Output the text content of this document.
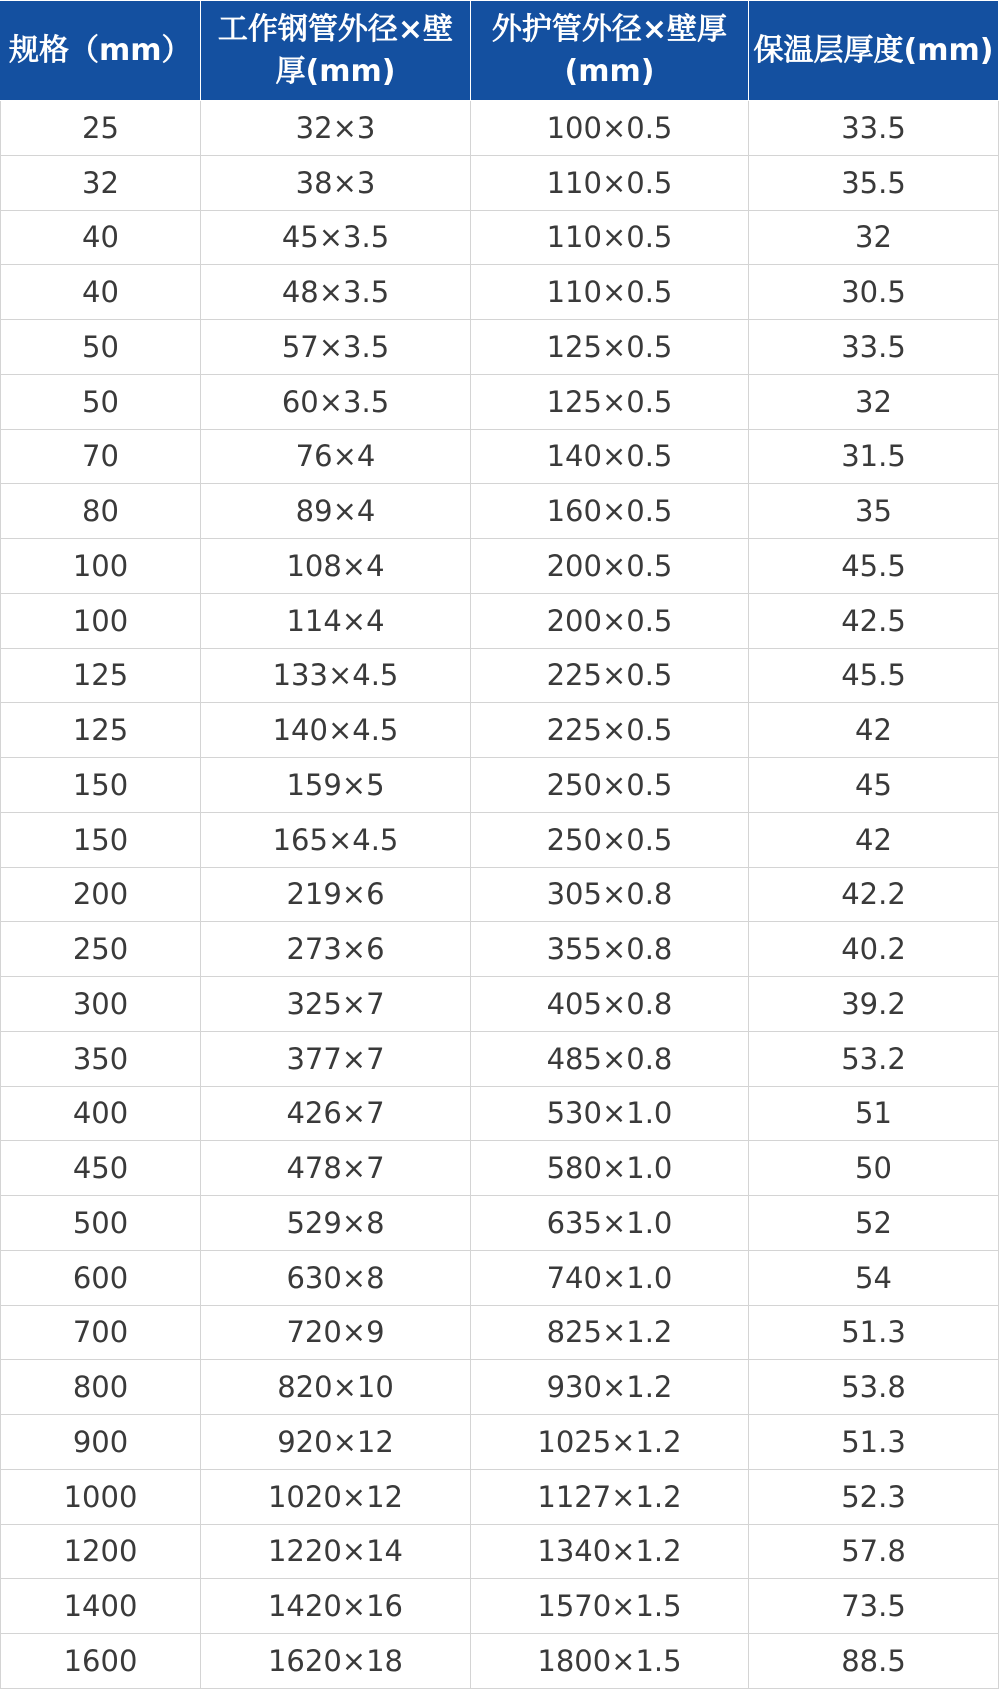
规格（mm）	工作钢管外径×壁厚(mm)	外护管外径×壁厚(mm)	保温层厚度(mm)
25	32×3	100×0.5	33.5
32	38×3	110×0.5	35.5
40	45×3.5	110×0.5	32
40	48×3.5	110×0.5	30.5
50	57×3.5	125×0.5	33.5
50	60×3.5	125×0.5	32
70	76×4	140×0.5	31.5
80	89×4	160×0.5	35
100	108×4	200×0.5	45.5
100	114×4	200×0.5	42.5
125	133×4.5	225×0.5	45.5
125	140×4.5	225×0.5	42
150	159×5	250×0.5	45
150	165×4.5	250×0.5	42
200	219×6	305×0.8	42.2
250	273×6	355×0.8	40.2
300	325×7	405×0.8	39.2
350	377×7	485×0.8	53.2
400	426×7	530×1.0	51
450	478×7	580×1.0	50
500	529×8	635×1.0	52
600	630×8	740×1.0	54
700	720×9	825×1.2	51.3
800	820×10	930×1.2	53.8
900	920×12	1025×1.2	51.3
1000	1020×12	1127×1.2	52.3
1200	1220×14	1340×1.2	57.8
1400	1420×16	1570×1.5	73.5
1600	1620×18	1800×1.5	88.5
